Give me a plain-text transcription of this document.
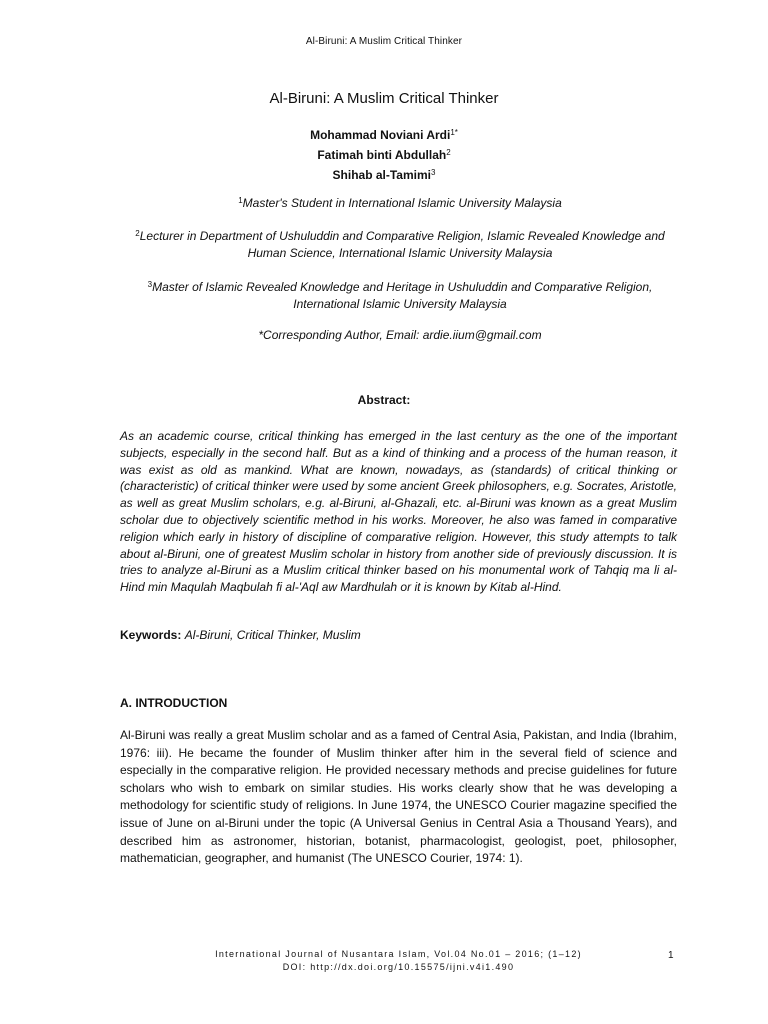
Al-Biruni: A Muslim Critical Thinker
Al-Biruni: A Muslim Critical Thinker
Mohammad Noviani Ardi$^{1*}$
Fatimah binti Abdullah$^2$
Shihab al-Tamimi$^3$
$^1$Master's Student in International Islamic University Malaysia
$^2$Lecturer in Department of Ushuluddin and Comparative Religion, Islamic Revealed Knowledge and Human Science, International Islamic University Malaysia
$^3$Master of Islamic Revealed Knowledge and Heritage in Ushuluddin and Comparative Religion, International Islamic University Malaysia
*Corresponding Author, Email: ardie.iium@gmail.com
Abstract:

As an academic course, critical thinking has emerged in the last century as the one of the important subjects, especially in the second half. But as a kind of thinking and a process of the human reason, it was exist as old as mankind. What are known, nowadays, as (standards) of critical thinking or (characteristic) of critical thinker were used by some ancient Greek philosophers, e.g. Socrates, Aristotle, as well as great Muslim scholars, e.g. al-Biruni, al-Ghazali, etc. al-Biruni was known as a great Muslim scholar due to objectively scientific method in his works. Moreover, he also was famed in comparative religion which early in history of discipline of comparative religion. However, this study attempts to talk about al-Biruni, one of greatest Muslim scholar in history from another side of previously discussion. It is tries to analyze al-Biruni as a Muslim critical thinker based on his monumental work of Tahqiq ma li al-Hind min Maqulah Maqbulah fi al-'Aql aw Mardhulah or it is known by Kitab al-Hind.

Keywords: Al-Biruni, Critical Thinker, Muslim

A. INTRODUCTION

Al-Biruni was really a great Muslim scholar and as a famed of Central Asia, Pakistan, and India (Ibrahim, 1976: iii). He became the founder of Muslim thinker after him in the several field of science and especially in the comparative religion. He provided necessary methods and precise guidelines for future scholars who wish to embark on similar studies. His works clearly show that he was developing a methodology for scientific study of religions. In June 1974, the UNESCO Courier magazine specified the issue of June on al-Biruni under the topic (A Universal Genius in Central Asia a Thousand Years), and described him as astronomer, historian, botanist, pharmacologist, geologist, poet, philosopher, mathematician, geographer, and humanist (The UNESCO Courier, 1974: 1).

International Journal of Nusantara Islam, Vol.04 No.01 – 2016; (1–12)
DOI: http://dx.doi.org/10.15575/ijni.v4i1.490
1
